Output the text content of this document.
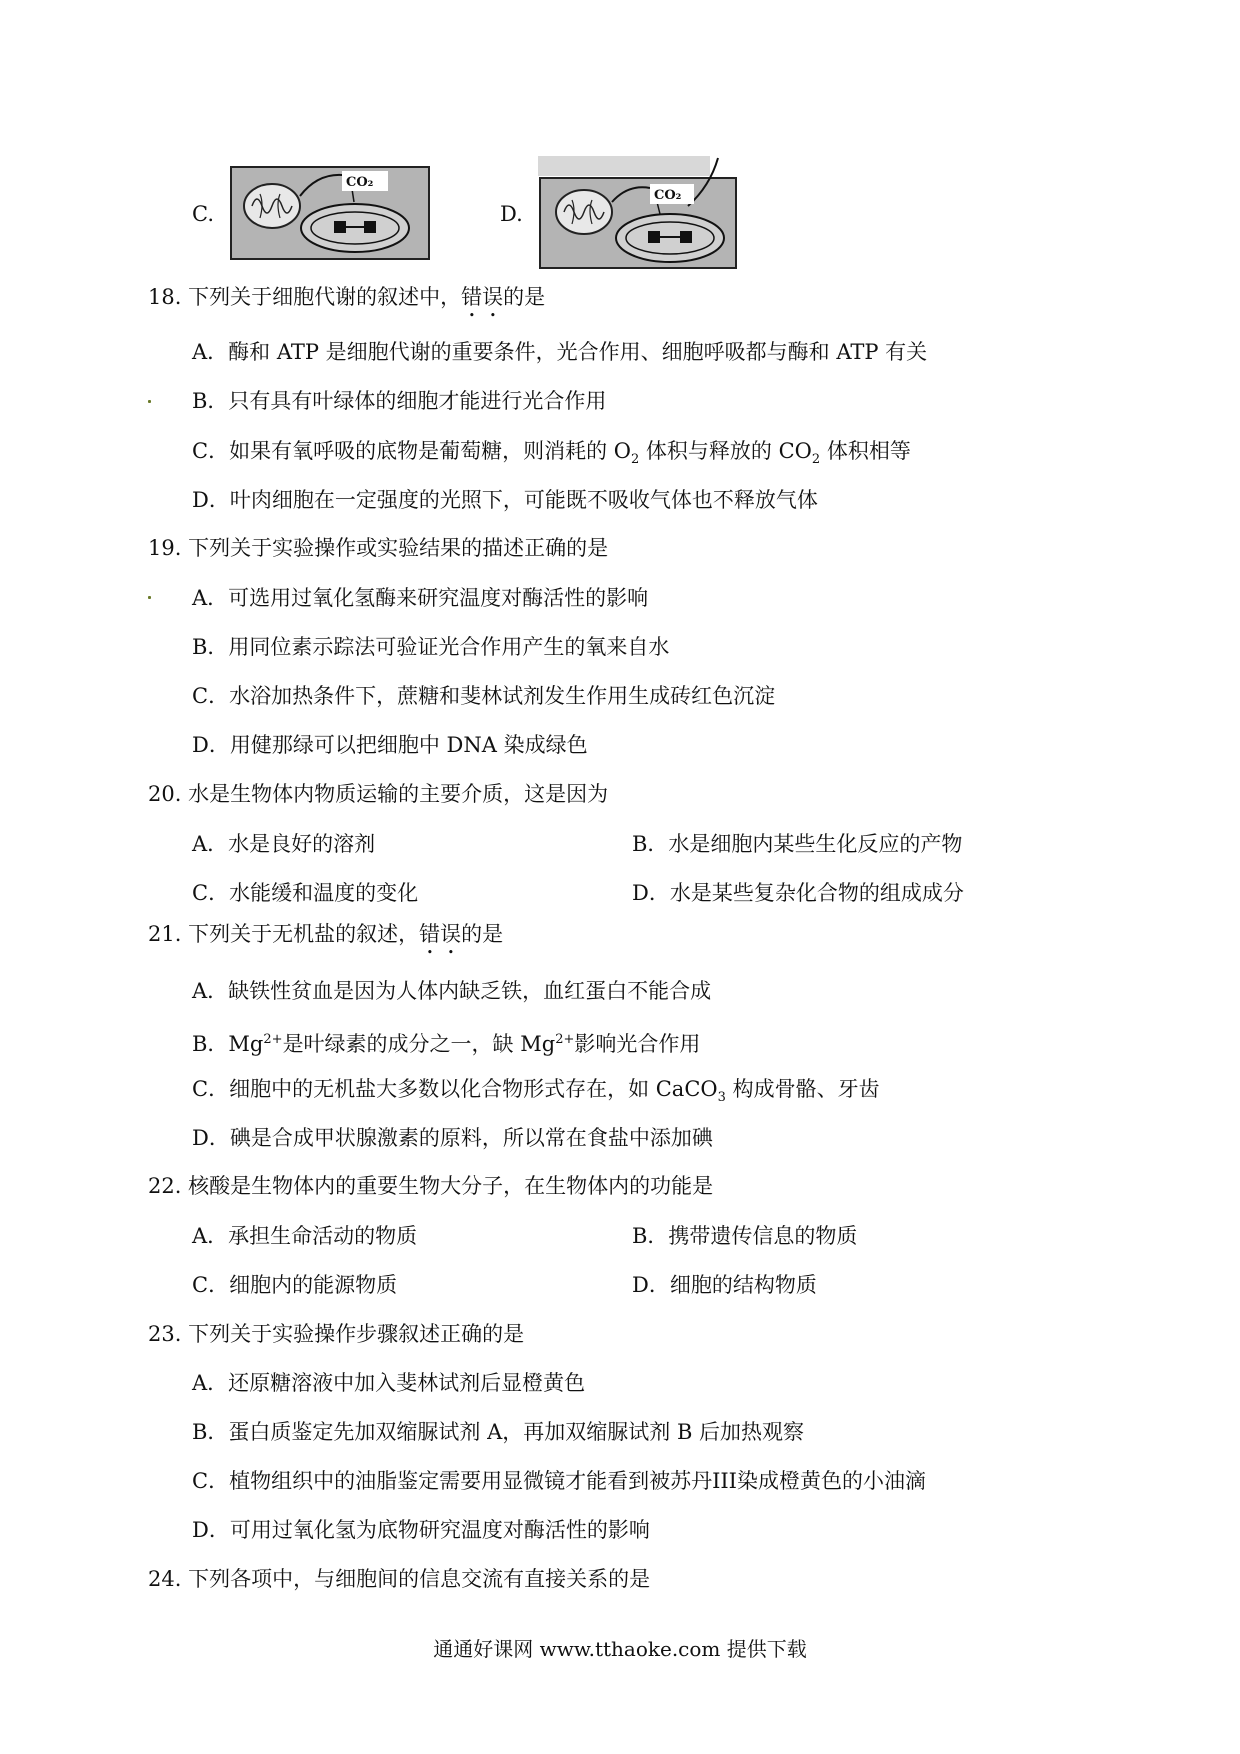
C.
CO₂
D.
CO₂
18. 下列关于细胞代谢的叙述中，错误的是
A．酶和 ATP 是细胞代谢的重要条件，光合作用、细胞呼吸都与酶和 ATP 有关
B．只有具有叶绿体的细胞才能进行光合作用
C．如果有氧呼吸的底物是葡萄糖，则消耗的 $O_2$ 体积与释放的 $CO_2$ 体积相等
D．叶肉细胞在一定强度的光照下，可能既不吸收气体也不释放气体
19. 下列关于实验操作或实验结果的描述正确的是
A．可选用过氧化氢酶来研究温度对酶活性的影响
B．用同位素示踪法可验证光合作用产生的氧来自水
C．水浴加热条件下，蔗糖和斐林试剂发生作用生成砖红色沉淀
D．用健那绿可以把细胞中 DNA 染成绿色
20. 水是生物体内物质运输的主要介质，这是因为
A．水是良好的溶剂	B．水是细胞内某些生化反应的产物
C．水能缓和温度的变化	D．水是某些复杂化合物的组成成分
21. 下列关于无机盐的叙述，错误的是
A．缺铁性贫血是因为人体内缺乏铁，血红蛋白不能合成
B．$Mg^{2+}$是叶绿素的成分之一，缺 $Mg^{2+}$影响光合作用
C．细胞中的无机盐大多数以化合物形式存在，如 CaCO$_3$ 构成骨骼、牙齿
D．碘是合成甲状腺激素的原料，所以常在食盐中添加碘
22. 核酸是生物体内的重要生物大分子，在生物体内的功能是
A．承担生命活动的物质	B．携带遗传信息的物质
C．细胞内的能源物质	D．细胞的结构物质
23. 下列关于实验操作步骤叙述正确的是
A．还原糖溶液中加入斐林试剂后显橙黄色
B．蛋白质鉴定先加双缩脲试剂 A，再加双缩脲试剂 B 后加热观察
C．植物组织中的油脂鉴定需要用显微镜才能看到被苏丹III染成橙黄色的小油滴
D．可用过氧化氢为底物研究温度对酶活性的影响
24. 下列各项中，与细胞间的信息交流有直接关系的是
通通好课网 www.tthaoke.com 提供下载
